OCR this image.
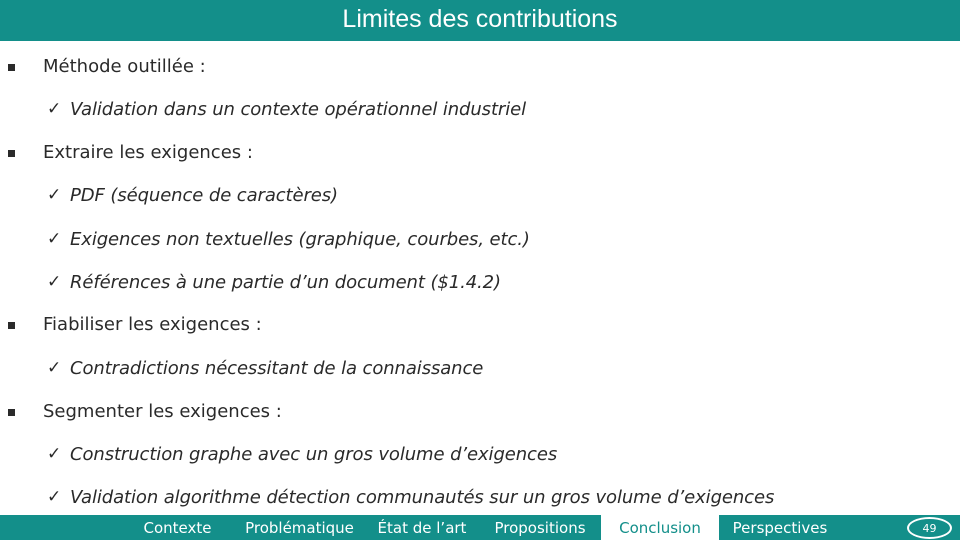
Limites des contributions
Méthode outillée :
✓ Validation dans un contexte opérationnel industriel
Extraire les exigences :
✓ PDF (séquence de caractères)
✓ Exigences non textuelles (graphique, courbes, etc.)
✓ Références à une partie d’un document ($1.4.2)
Fiabiliser les exigences :
✓ Contradictions nécessitant de la connaissance
Segmenter les exigences :
✓ Construction graphe avec un gros volume d’exigences
✓ Validation algorithme détection communautés sur un gros volume d’exigences
Contexte	Problématique	État de l’art	Propositions	Conclusion	Perspectives	49
